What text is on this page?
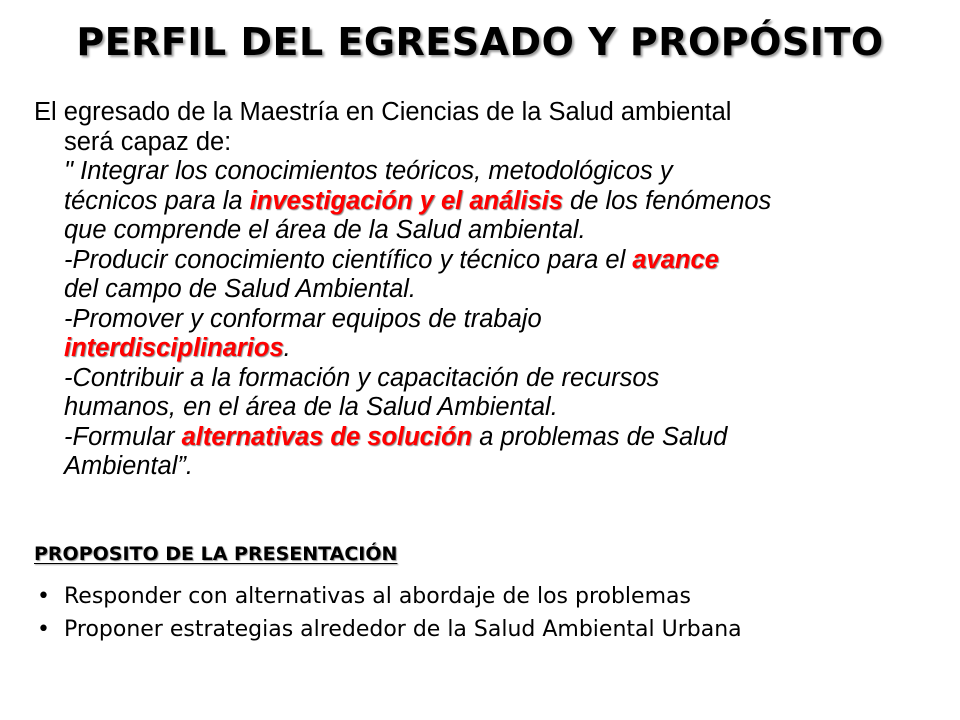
PERFIL DEL EGRESADO Y PROPÓSITO
El egresado de la Maestría en Ciencias de la Salud ambiental
será capaz de:
" Integrar los conocimientos teóricos, metodológicos y
técnicos para la investigación y el análisis de los fenómenos
que comprende el área de la Salud ambiental.
-Producir conocimiento científico y técnico para el avance
del campo de Salud Ambiental.
-Promover y conformar equipos de trabajo
interdisciplinarios.
-Contribuir a la formación y capacitación de recursos
humanos, en el área de la Salud Ambiental.
-Formular alternativas de solución a problemas de Salud
Ambiental”.
PROPOSITO DE LA PRESENTACIÓN
• Responder con alternativas al abordaje de los problemas
• Proponer estrategias alrededor de la Salud Ambiental Urbana
